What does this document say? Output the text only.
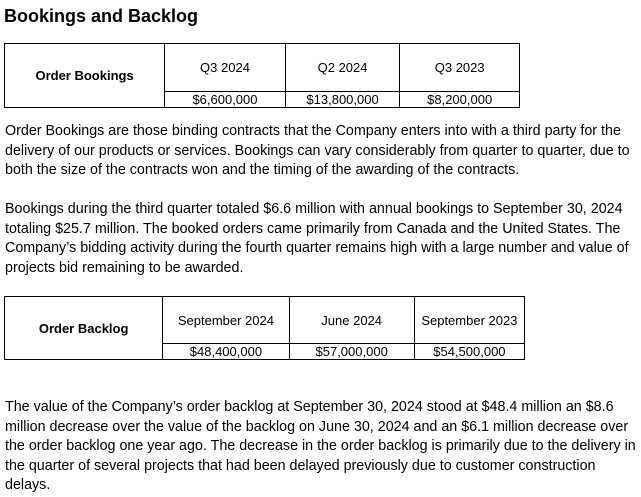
Bookings and Backlog
Order Bookings	Q3 2024	Q2 2024	Q3 2023
	$6,600,000	$13,800,000	$8,200,000

Order Bookings are those binding contracts that the Company enters into with a third party for the delivery of our products or services. Bookings can vary considerably from quarter to quarter, due to both the size of the contracts won and the timing of the awarding of the contracts.

Bookings during the third quarter totaled $6.6 million with annual bookings to September 30, 2024 totaling $25.7 million. The booked orders came primarily from Canada and the United States. The Company’s bidding activity during the fourth quarter remains high with a large number and value of projects bid remaining to be awarded.

Order Backlog	September 2024	June 2024	September 2023
	$48,400,000	$57,000,000	$54,500,000

The value of the Company’s order backlog at September 30, 2024 stood at $48.4 million an $8.6 million decrease over the value of the backlog on June 30, 2024 and an $6.1 million decrease over the order backlog one year ago. The decrease in the order backlog is primarily due to the delivery in the quarter of several projects that had been delayed previously due to customer construction delays.
